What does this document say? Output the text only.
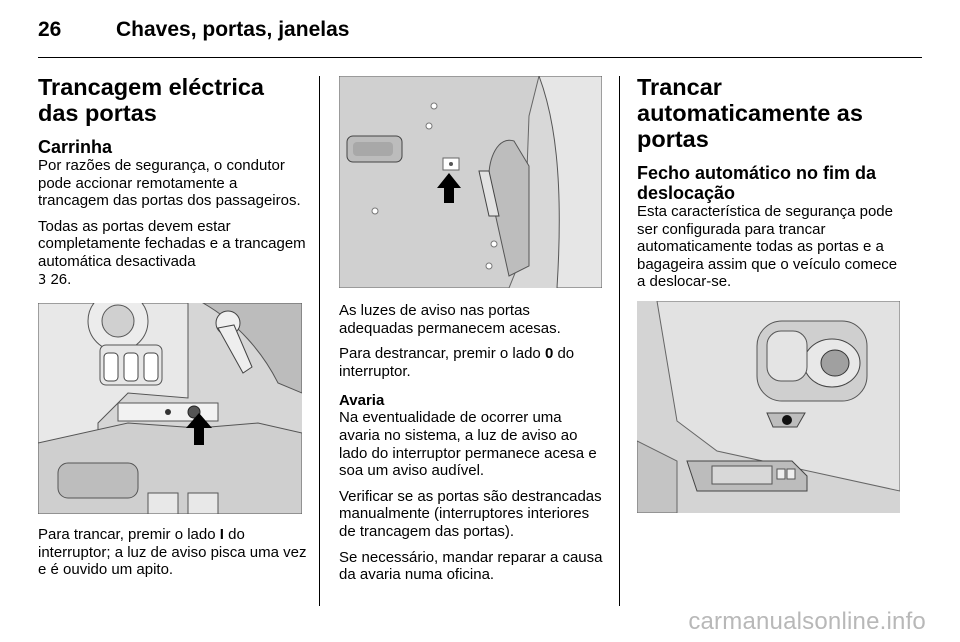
26	Chaves, portas, janelas
Trancagem eléctrica das portas
Carrinha

Por razões de segurança, o condutor pode accionar remotamente a trancagem das portas dos passageiros.

Todas as portas devem estar completamente fechadas e a trancagem automática desactivada
3 26.

Para trancar, premir o lado I do interruptor; a luz de aviso pisca uma vez e é ouvido um apito.

As luzes de aviso nas portas adequadas permanecem acesas.

Para destrancar, premir o lado 0 do interruptor.

Avaria

Na eventualidade de ocorrer uma avaria no sistema, a luz de aviso ao lado do interruptor permanece acesa e soa um aviso audível.

Verificar se as portas são destrancadas manualmente (interruptores interiores de trancagem das portas).

Se necessário, mandar reparar a causa da avaria numa oficina.

Trancar automaticamente as portas
Fecho automático no fim da deslocação

Esta característica de segurança pode ser configurada para trancar automaticamente todas as portas e a bagageira assim que o veículo comece a deslocar-se.

carmanualsonline.info
